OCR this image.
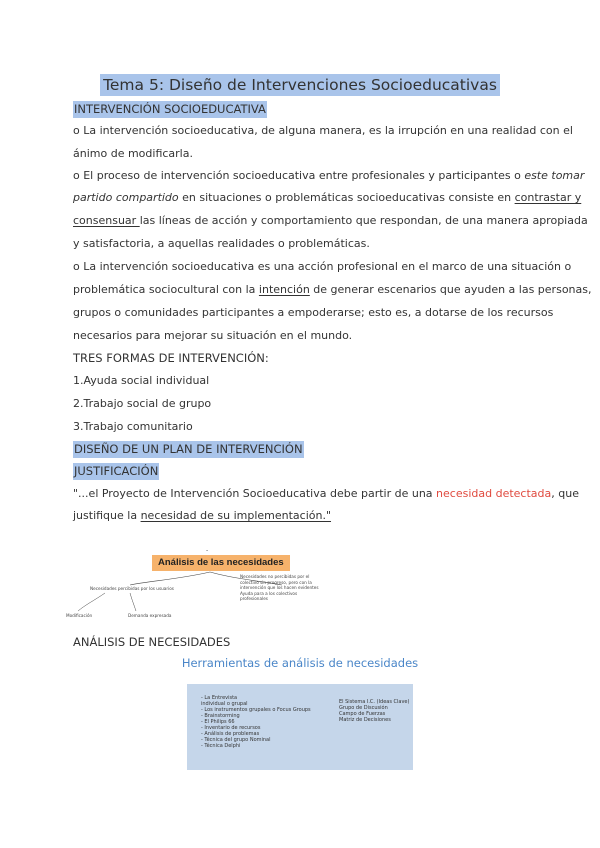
Tema 5: Diseño de Intervenciones Socioeducativas
INTERVENCIÓN SOCIOEDUCATIVA
o La intervención socioeducativa, de alguna manera, es la irrupción en una realidad con el
ánimo de modificarla.
o El proceso de intervención socioeducativa entre profesionales y participantes o este tomar
partido compartido en situaciones o problemáticas socioeducativas consiste en contrastar y
consensuar las líneas de acción y comportamiento que respondan, de una manera apropiada
y satisfactoria, a aquellas realidades o problemáticas.
o La intervención socioeducativa es una acción profesional en el marco de una situación o
problemática sociocultural con la intención de generar escenarios que ayuden a las personas,
grupos o comunidades participantes a empoderarse; esto es, a dotarse de los recursos
necesarios para mejorar su situación en el mundo.
TRES FORMAS DE INTERVENCIÓN:
1.Ayuda social individual
2.Trabajo social de grupo
3.Trabajo comunitario
DISEÑO DE UN PLAN DE INTERVENCIÓN
JUSTIFICACIÓN
"...el Proyecto de Intervención Socioeducativa debe partir de una necesidad detectada, que
justifique la necesidad de su implementación."
-
Análisis de las necesidades
Necesidades percibidas por los usuarios
Modificación	Demanda expresada
Necesidades no percibidas por el
colectivo sin progreso, pero con la
intervención que los hacen evidentes
Ayuda para a los colectivos
profesionales
ANÁLISIS DE NECESIDADES
Herramientas de análisis de necesidades
- La Entrevista
individual o grupal
- Los instrumentos grupales o Focus Groups
- Brainstorming
- El Philips 66
- Inventario de recursos
- Análisis de problemas
- Técnica del grupo Nominal
- Técnica Delphi
El Sistema I.C. (Ideas Clave)
Grupo de Discusión
Campo de Fuerzas
Matriz de Decisiones
